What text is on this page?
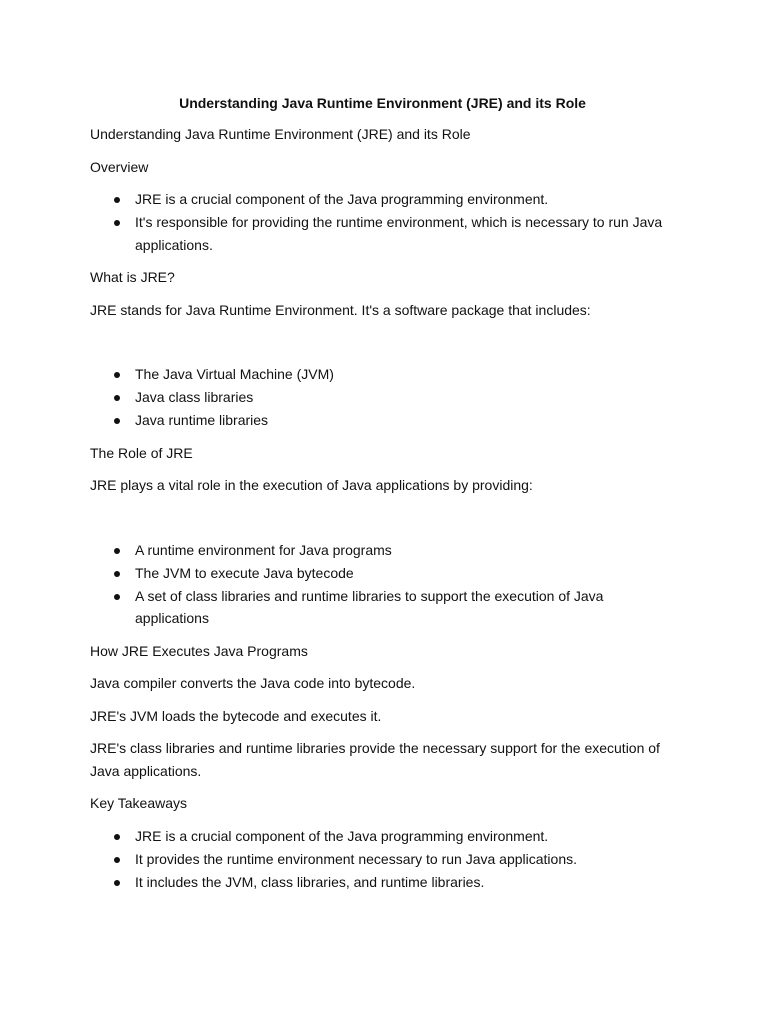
Understanding Java Runtime Environment (JRE) and its Role
Understanding Java Runtime Environment (JRE) and its Role
Overview
JRE is a crucial component of the Java programming environment.
It's responsible for providing the runtime environment, which is necessary to run Java applications.
What is JRE?
JRE stands for Java Runtime Environment. It's a software package that includes:
The Java Virtual Machine (JVM)
Java class libraries
Java runtime libraries
The Role of JRE
JRE plays a vital role in the execution of Java applications by providing:
A runtime environment for Java programs
The JVM to execute Java bytecode
A set of class libraries and runtime libraries to support the execution of Java applications
How JRE Executes Java Programs
Java compiler converts the Java code into bytecode.
JRE's JVM loads the bytecode and executes it.
JRE's class libraries and runtime libraries provide the necessary support for the execution of Java applications.
Key Takeaways
JRE is a crucial component of the Java programming environment.
It provides the runtime environment necessary to run Java applications.
It includes the JVM, class libraries, and runtime libraries.
